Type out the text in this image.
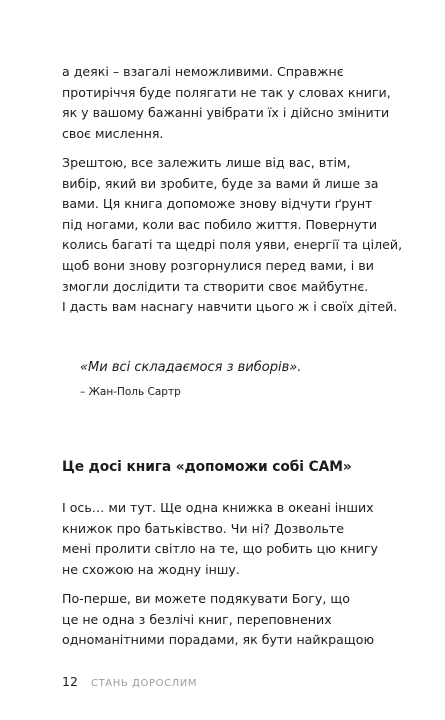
а деякі – взагалі неможливими. Справжнє
протиріччя буде полягати не так у словах книги,
як у вашому бажанні увібрати їх і дійсно змінити
своє мислення.

Зрештою, все залежить лише від вас, втім,
вибір, який ви зробите, буде за вами й лише за
вами. Ця книга допоможе знову відчути ґрунт
під ногами, коли вас побило життя. Повернути
колись багаті та щедрі поля уяви, енергії та цілей,
щоб вони знову розгорнулися перед вами, і ви
змогли дослідити та створити своє майбутнє.
І дасть вам наснагу навчити цього ж і своїх дітей.

«Ми всі складаємося з виборів».

– Жан-Поль Сартр

Це досі книга «допоможи собі САМ»

І ось… ми тут. Ще одна книжка в океані інших
книжок про батьківство. Чи ні? Дозвольте
мені пролити світло на те, що робить цю книгу
не схожою на жодну іншу.

По-перше, ви можете подякувати Богу, що
це не одна з безлічі книг, переповнених
одноманітними порадами, як бути найкращою

12 СТАНЬ ДОРОСЛИМ
